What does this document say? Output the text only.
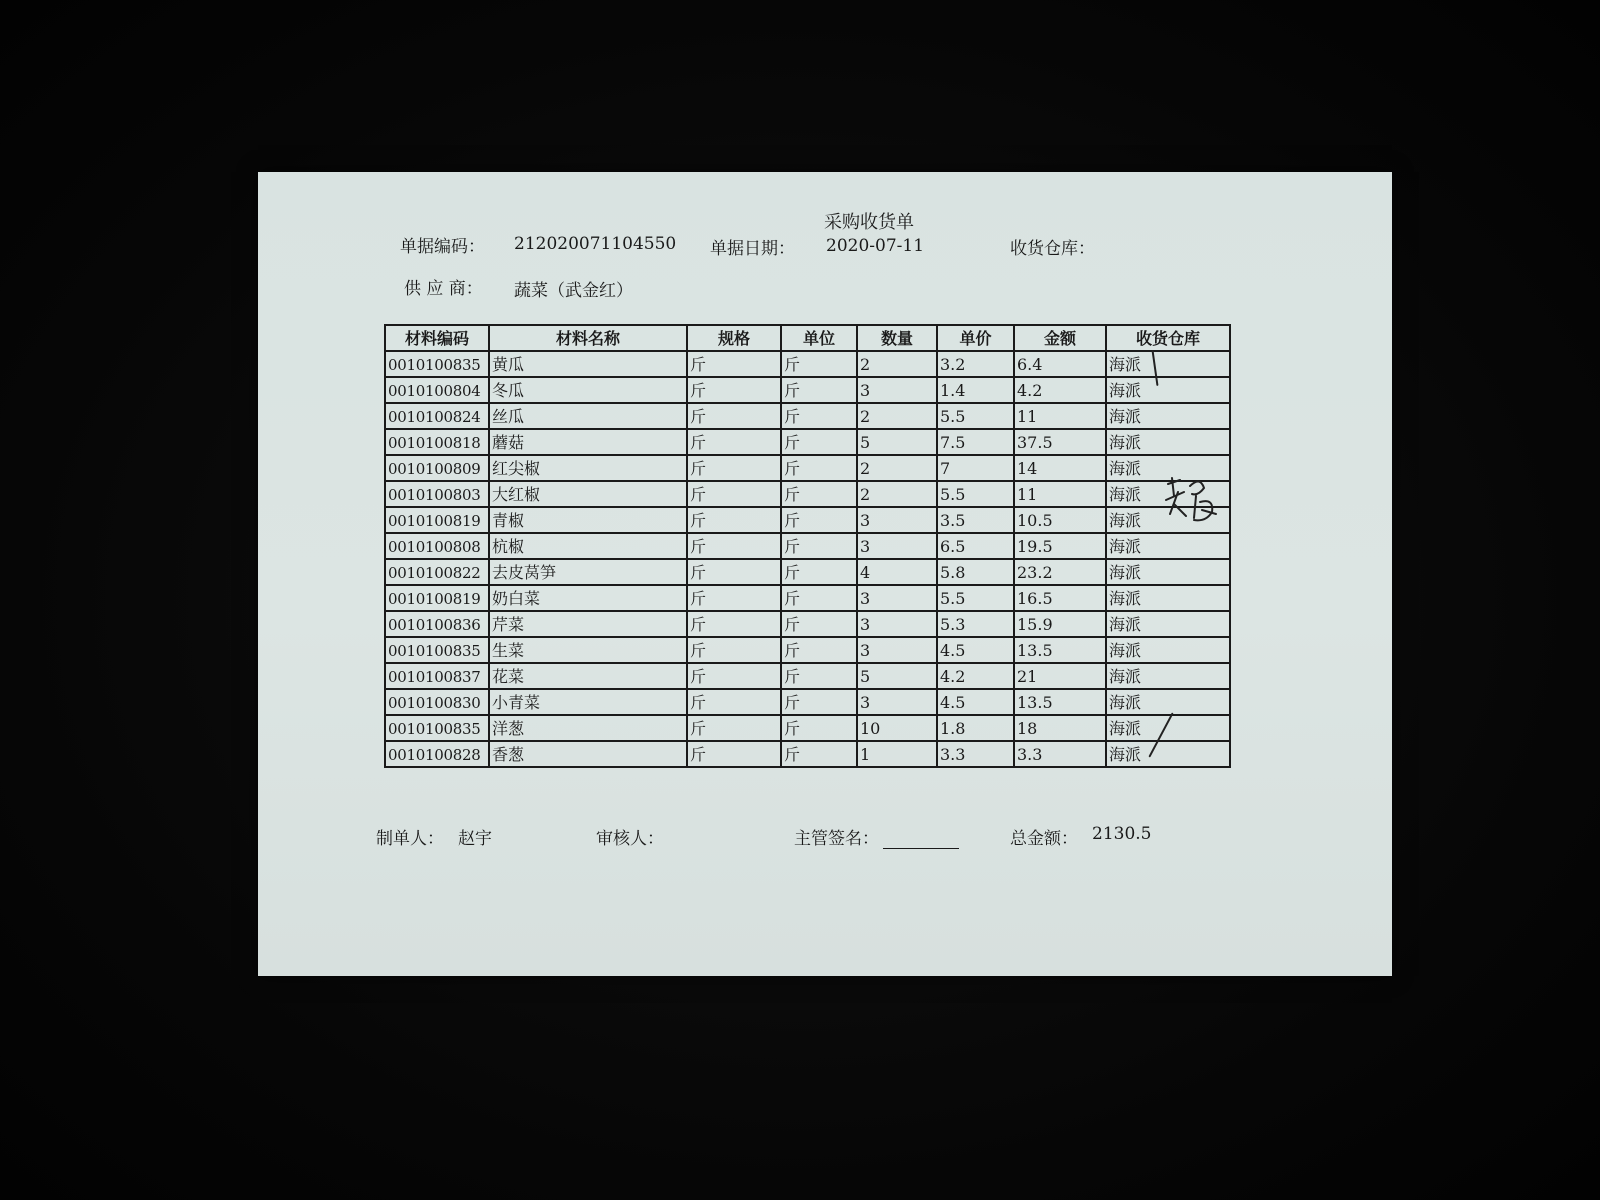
采购收货单
单据编码： 212020071104550 单据日期： 2020-07-11	收货仓库：
供 应 商： 蔬菜（武金红）
材料编码	材料名称	规格	单位	数量	单价	金额	收货仓库
0010100835	黄瓜	斤	斤	2	3.2	6.4	海派
0010100804	冬瓜	斤	斤	3	1.4	4.2	海派
0010100824	丝瓜	斤	斤	2	5.5	11	海派
0010100818	蘑菇	斤	斤	5	7.5	37.5	海派
0010100809	红尖椒	斤	斤	2	7	14	海派
0010100803	大红椒	斤	斤	2	5.5	11	海派
0010100819	青椒	斤	斤	3	3.5	10.5	海派
0010100808	杭椒	斤	斤	3	6.5	19.5	海派
0010100822	去皮莴笋	斤	斤	4	5.8	23.2	海派
0010100819	奶白菜	斤	斤	3	5.5	16.5	海派
0010100836	芹菜	斤	斤	3	5.3	15.9	海派
0010100835	生菜	斤	斤	3	4.5	13.5	海派
0010100837	花菜	斤	斤	5	4.2	21	海派
0010100830	小青菜	斤	斤	3	4.5	13.5	海派
0010100835	洋葱	斤	斤	10	1.8	18	海派
0010100828	香葱	斤	斤	1	3.3	3.3	海派
制单人： 赵宇	审核人：	主管签名：	总金额： 2130.5
